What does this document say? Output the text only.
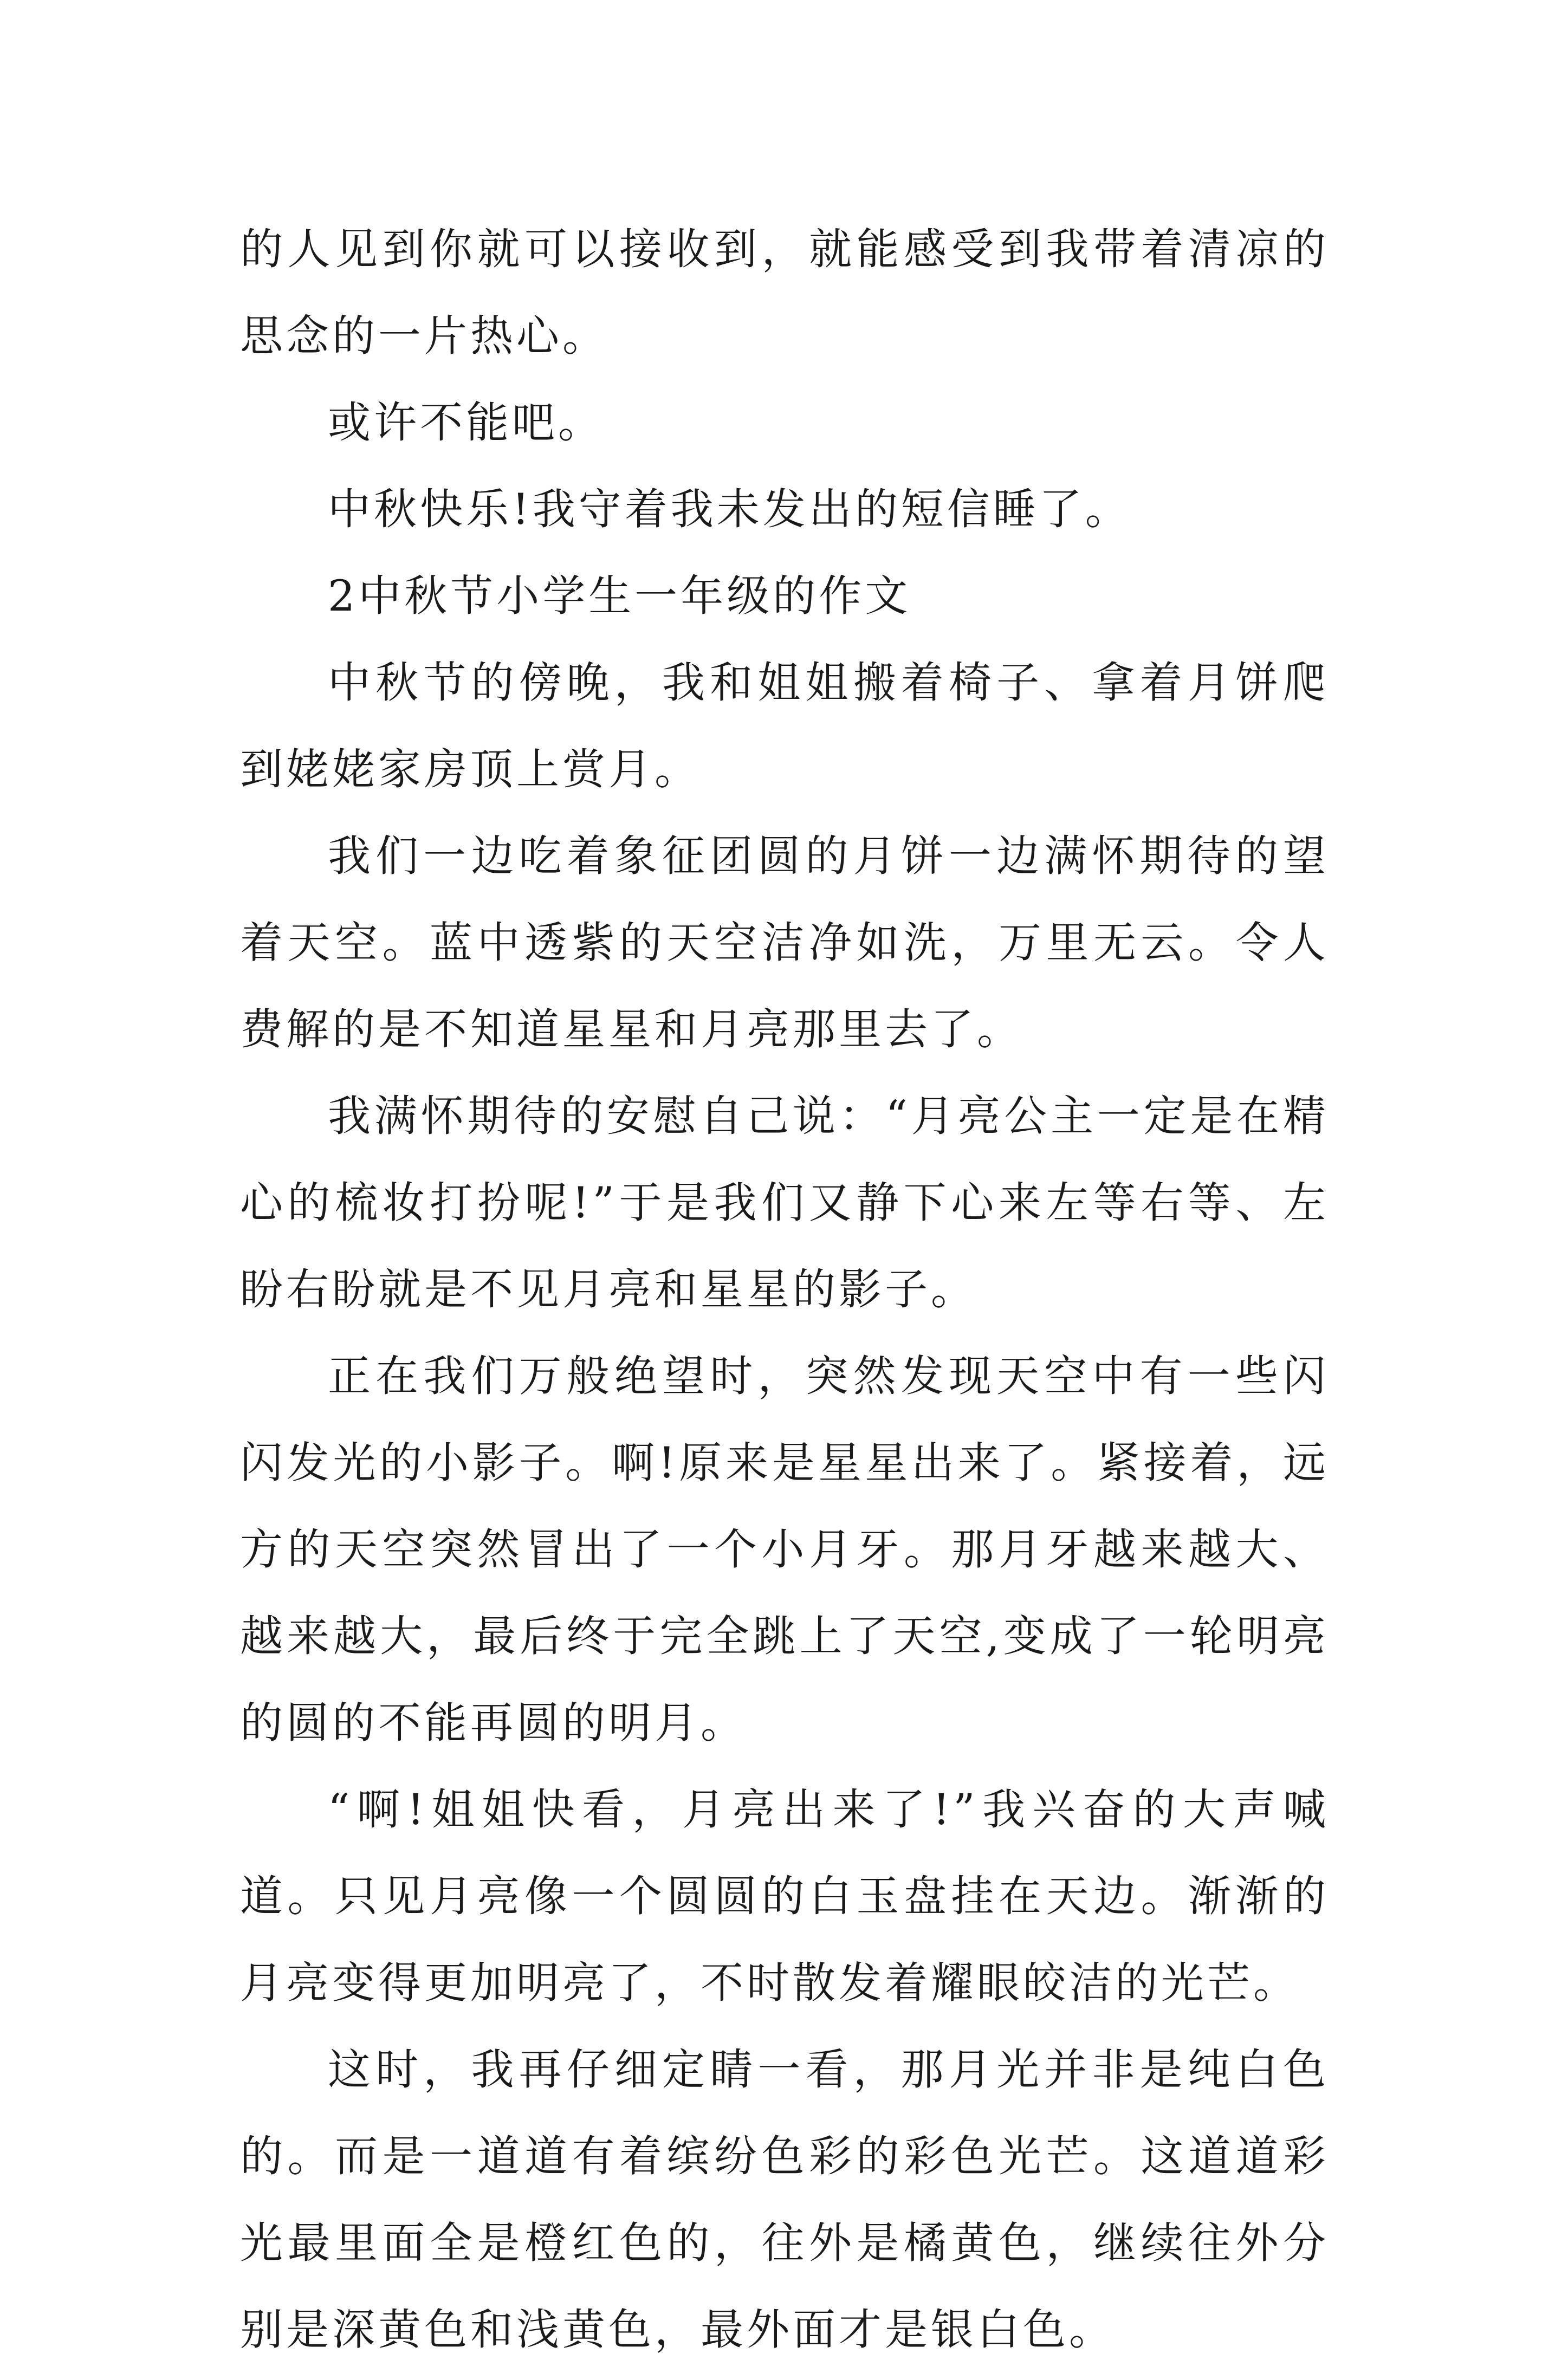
的人见到你就可以接收到，就能感受到我带着清凉的思念的一片热心。

或许不能吧。

中秋快乐!我守着我未发出的短信睡了。

2中秋节小学生一年级的作文

中秋节的傍晚，我和姐姐搬着椅子、拿着月饼爬到姥姥家房顶上赏月。

我们一边吃着象征团圆的月饼一边满怀期待的望着天空。蓝中透紫的天空洁净如洗，万里无云。令人费解的是不知道星星和月亮那里去了。

我满怀期待的安慰自己说：“月亮公主一定是在精心的梳妆打扮呢!”于是我们又静下心来左等右等、左盼右盼就是不见月亮和星星的影子。

正在我们万般绝望时，突然发现天空中有一些闪闪发光的小影子。啊!原来是星星出来了。紧接着，远方的天空突然冒出了一个小月牙。那月牙越来越大、越来越大，最后终于完全跳上了天空,变成了一轮明亮的圆的不能再圆的明月。

“啊!姐姐快看，月亮出来了!”我兴奋的大声喊道。只见月亮像一个圆圆的白玉盘挂在天边。渐渐的月亮变得更加明亮了，不时散发着耀眼皎洁的光芒。

这时，我再仔细定睛一看，那月光并非是纯白色的。而是一道道有着缤纷色彩的彩色光芒。这道道彩光最里面全是橙红色的，往外是橘黄色，继续往外分别是深黄色和浅黄色，最外面才是银白色。
